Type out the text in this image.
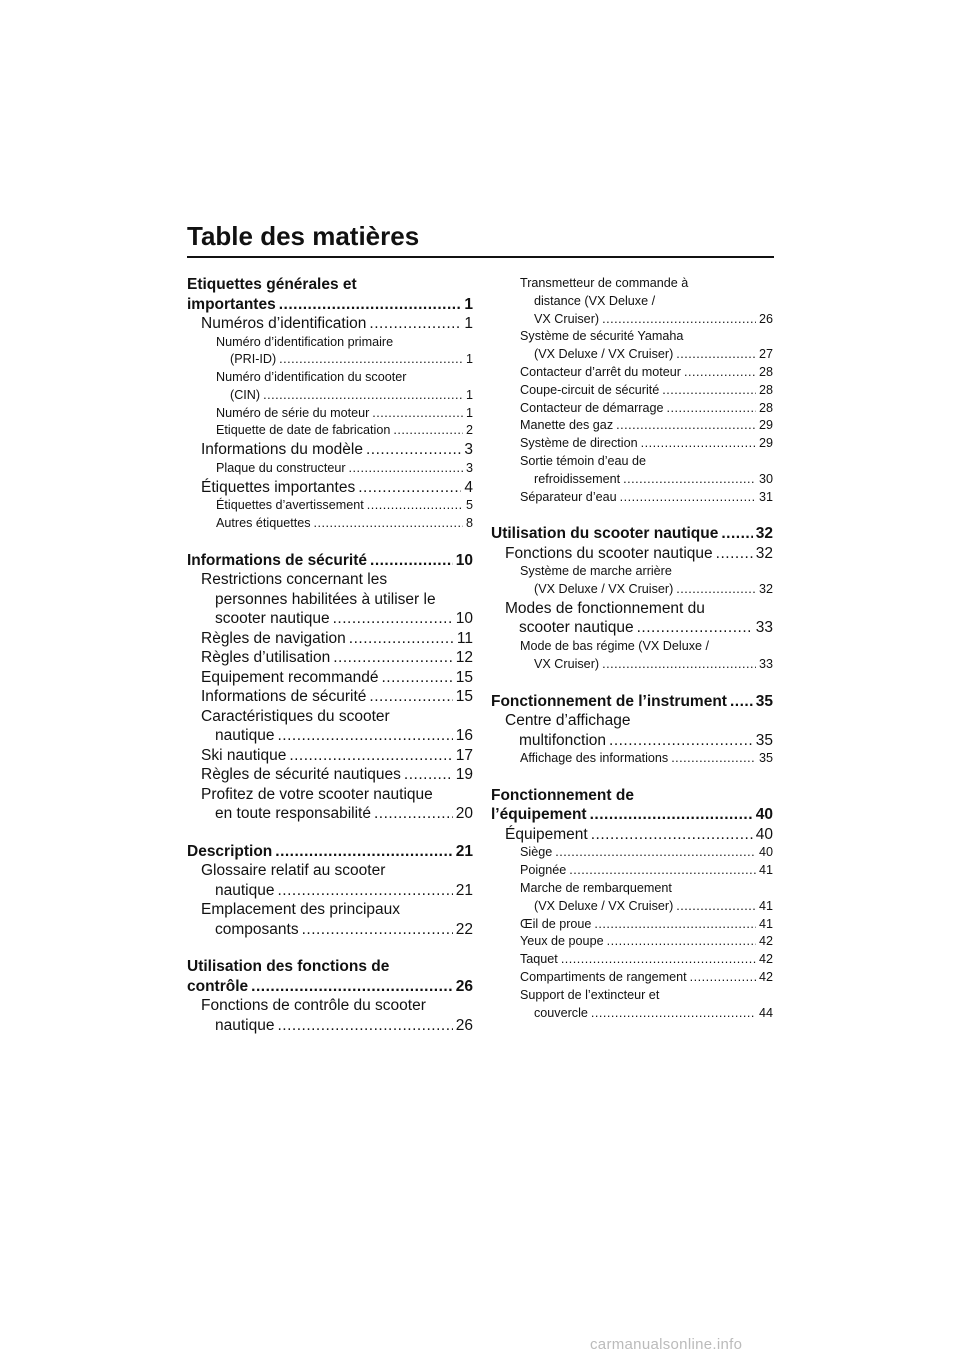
Table des matières
Etiquettes générales et
importantes .....	1
Numéros d’identification .....	1
Numéro d’identification primaire
(PRI-ID) .....	1
Numéro d’identification du scooter
(CIN) .....	1
Numéro de série du moteur .....	1
Etiquette de date de fabrication .....	2
Informations du modèle .....	3
Plaque du constructeur .....	3
Étiquettes importantes .....	4
Étiquettes d’avertissement .....	5
Autres étiquettes .....	8
Informations de sécurité .....	10
Restrictions concernant les
personnes habilitées à utiliser le
scooter nautique .....	10
Règles de navigation .....	11
Règles d’utilisation .....	12
Equipement recommandé .....	15
Informations de sécurité .....	15
Caractéristiques du scooter
nautique .....	16
Ski nautique .....	17
Règles de sécurité nautiques .....	19
Profitez de votre scooter nautique
en toute responsabilité .....	20
Description .....	21
Glossaire relatif au scooter
nautique .....	21
Emplacement des principaux
composants .....	22
Utilisation des fonctions de
contrôle .....	26
Fonctions de contrôle du scooter
nautique .....	26
Transmetteur de commande à
distance (VX Deluxe /
VX Cruiser) .....	26
Système de sécurité Yamaha
(VX Deluxe / VX Cruiser) .....	27
Contacteur d’arrêt du moteur .....	28
Coupe-circuit de sécurité .....	28
Contacteur de démarrage .....	28
Manette des gaz .....	29
Système de direction .....	29
Sortie témoin d’eau de
refroidissement .....	30
Séparateur d’eau .....	31
Utilisation du scooter nautique ..... 32
Fonctions du scooter nautique .....	32
Système de marche arrière
(VX Deluxe / VX Cruiser) .....	32
Modes de fonctionnement du
scooter nautique .....	33
Mode de bas régime (VX Deluxe /
VX Cruiser) .....	33
Fonctionnement de l’instrument ..... 35
Centre d’affichage
multifonction .....	35
Affichage des informations .....	35
Fonctionnement de
l’équipement .....	40
Équipement .....	40
Siège .....	40
Poignée .....	41
Marche de rembarquement
(VX Deluxe / VX Cruiser) .....	41
Œil de proue .....	41
Yeux de poupe .....	42
Taquet .....	42
Compartiments de rangement .....	42
Support de l’extincteur et
couvercle .....	44
carmanualsonline.info
